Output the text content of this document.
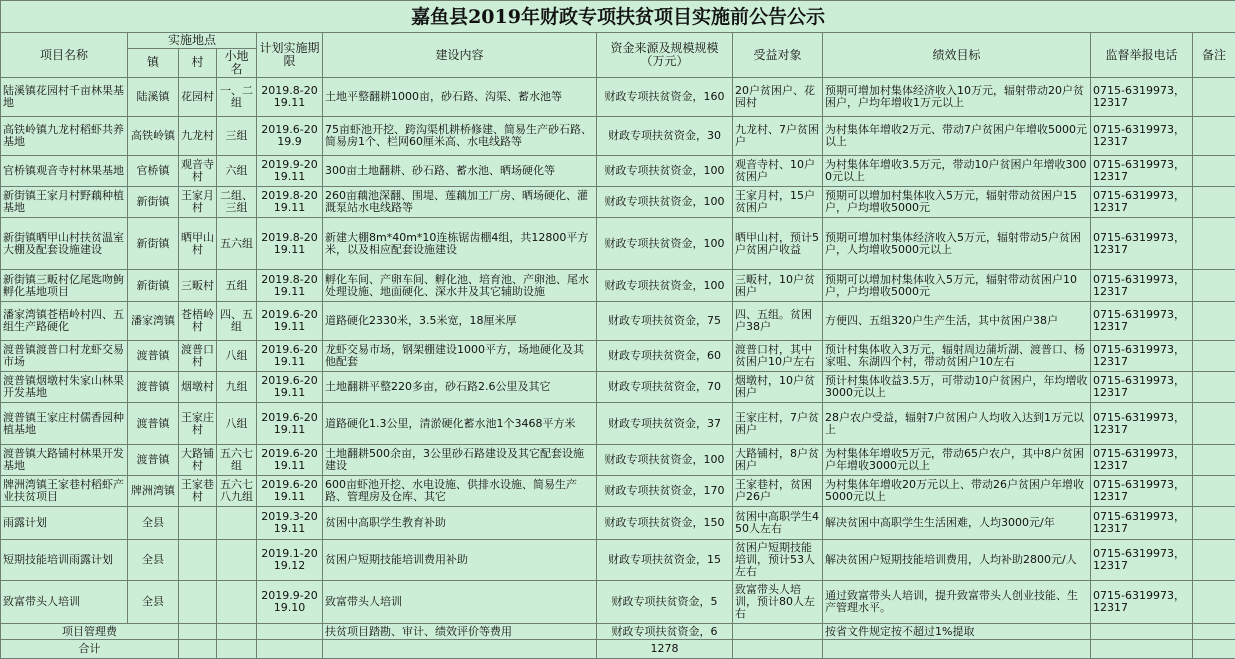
嘉鱼县2019年财政专项扶贫项目实施前公告公示										
项目名称	实施地点			计划实施期限	建设内容	资金来源及规模规模（万元）	受益对象	绩效目标	监督举报电话	备注
	镇	村	小地名							
陆溪镇花园村千亩林果基地	陆溪镇	花园村	一、二组	2019.8-2019.11	土地平整翻耕1000亩，砂石路、沟渠、蓄水池等	财政专项扶贫资金，160	20户贫困户、花园村	预期可增加村集体经济收入10万元，辐射带动20户贫困户，户均年增收1万元以上	0715-6319973，12317	
高铁岭镇九龙村稻虾共养基地	高铁岭镇	九龙村	三组	2019.6-2019.9	75亩虾池开挖、跨沟渠机耕桥修建、简易生产砂石路、简易房1个、栏网60厘米高、水电线路等	财政专项扶贫资金，30	九龙村、7户贫困户	为村集体年增收2万元、带动7户贫困户年增收5000元以上	0715-6319973，12317	
官桥镇观音寺村林果基地	官桥镇	观音寺村	六组	2019.9-2019.11	300亩土地翻耕、砂石路、蓄水池、晒场硬化等	财政专项扶贫资金，100	观音寺村、10户贫困户	为村集体年增收3.5万元，带动10户贫困户年增收3000元以上	0715-6319973，12317	
新街镇王家月村野藕种植基地	新街镇	王家月村	二组、三组	2019.8-2019.11	260亩藕池深翻、围堤、莲藕加工厂房、晒场硬化、灌溉泵站水电线路等	财政专项扶贫资金，100	王家月村，15户贫困户	预期可以增加村集体收入5万元，辐射带动贫困户15户，户均增收5000元	0715-6319973，12317	
新街镇晒甲山村扶贫温室大棚及配套设施建设	新街镇	晒甲山村	五六组	2019.8-2019.11	新建大棚8m*40m*10连栋锯齿棚4组，共12800平方米，以及相应配套设施建设	财政专项扶贫资金，100	晒甲山村，预计5户贫困户收益	预期可增加村集体经济收入5万元，辐射带动5户贫困户，人均增收5000元以上	0715-6319973，12317	
新街镇三畈村亿尾匙吻鮈孵化基地项目	新街镇	三畈村	五组	2019.8-2019.11	孵化车间、产卵车间、孵化池、培育池、产卵池、尾水处理设施、地面硬化、深水井及其它辅助设施	财政专项扶贫资金，100	三畈村，10户贫困户	预期可以增加村集体收入5万元，辐射带动贫困户10户，户均增收5000元	0715-6319973，12317	
潘家湾镇苍梧岭村四、五组生产路硬化	潘家湾镇	苍梧岭村	四、五组	2019.6-2019.11	道路硬化2330米，3.5米宽，18厘米厚	财政专项扶贫资金，75	四、五组。贫困户38户	方便四、五组320户生产生活，其中贫困户38户	0715-6319973，12317	
渡普镇渡普口村龙虾交易市场	渡普镇	渡普口村	八组	2019.6-2019.11	龙虾交易市场，钢架棚建设1000平方，场地硬化及其他配套	财政专项扶贫资金，60	渡普口村，其中贫困户10户左右	预计村集体收入3万元，辐射周边蒲圻湖、渡普口、杨家咀、东湖四个村，带动贫困户10左右	0715-6319973，12317	
渡普镇烟墩村朱家山林果开发基地	渡普镇	烟墩村	九组	2019.6-2019.11	土地翻耕平整220多亩，砂石路2.6公里及其它	财政专项扶贫资金，70	烟墩村，10户贫困户	预计村集体收益3.5万，可带动10户贫困户，年均增收3000元以上	0715-6319973，12317	
渡普镇王家庄村儒香园种植基地	渡普镇	王家庄村	八组	2019.6-2019.11	道路硬化1.3公里，清淤硬化蓄水池1个3468平方米	财政专项扶贫资金，37	王家庄村，7户贫困户	28户农户受益，辐射7户贫困户人均收入达到1万元以上	0715-6319973，12317	
渡普镇大路铺村林果开发基地	渡普镇	大路铺村	五六七组	2019.6-2019.11	土地翻耕500余亩，3公里砂石路建设及其它配套设施建设	财政专项扶贫资金，100	大路铺村，8户贫困户	为村集体年增收5万元，带动65户农户，其中8户贫困户年增收3000元以上	0715-6319973，12317	
牌洲湾镇王家巷村稻虾产业扶贫项目	牌洲湾镇	王家巷村	五六七八九组	2019.6-2019.11	600亩虾池开挖、水电设施、供排水设施、简易生产路、管理房及仓库、其它	财政专项扶贫资金，170	王家巷村，贫困户26户	为村集体年增收20万元以上、带动26户贫困户年增收5000元以上	0715-6319973，12317	
雨露计划	全县			2019.3-2019.11	贫困中高职学生教育补助	财政专项扶贫资金，150	贫困中高职学生450人左右	解决贫困中高职学生生活困难，人均3000元/年	0715-6319973，12317	
短期技能培训雨露计划	全县			2019.1-2019.12	贫困户短期技能培训费用补助	财政专项扶贫资金，15	贫困户短期技能培训，预计53人左右	解决贫困户短期技能培训费用，人均补助2800元/人	0715-6319973，12317	
致富带头人培训	全县			2019.9-2019.10	致富带头人培训	财政专项扶贫资金，5	致富带头人培训，预计80人左右	通过致富带头人培训，提升致富带头人创业技能、生产管理水平。	0715-6319973，12317	
项目管理费					扶贫项目踏勘、审计、绩效评价等费用	财政专项扶贫资金，6		按省文件规定按不超过1%提取		
合计						1278				
